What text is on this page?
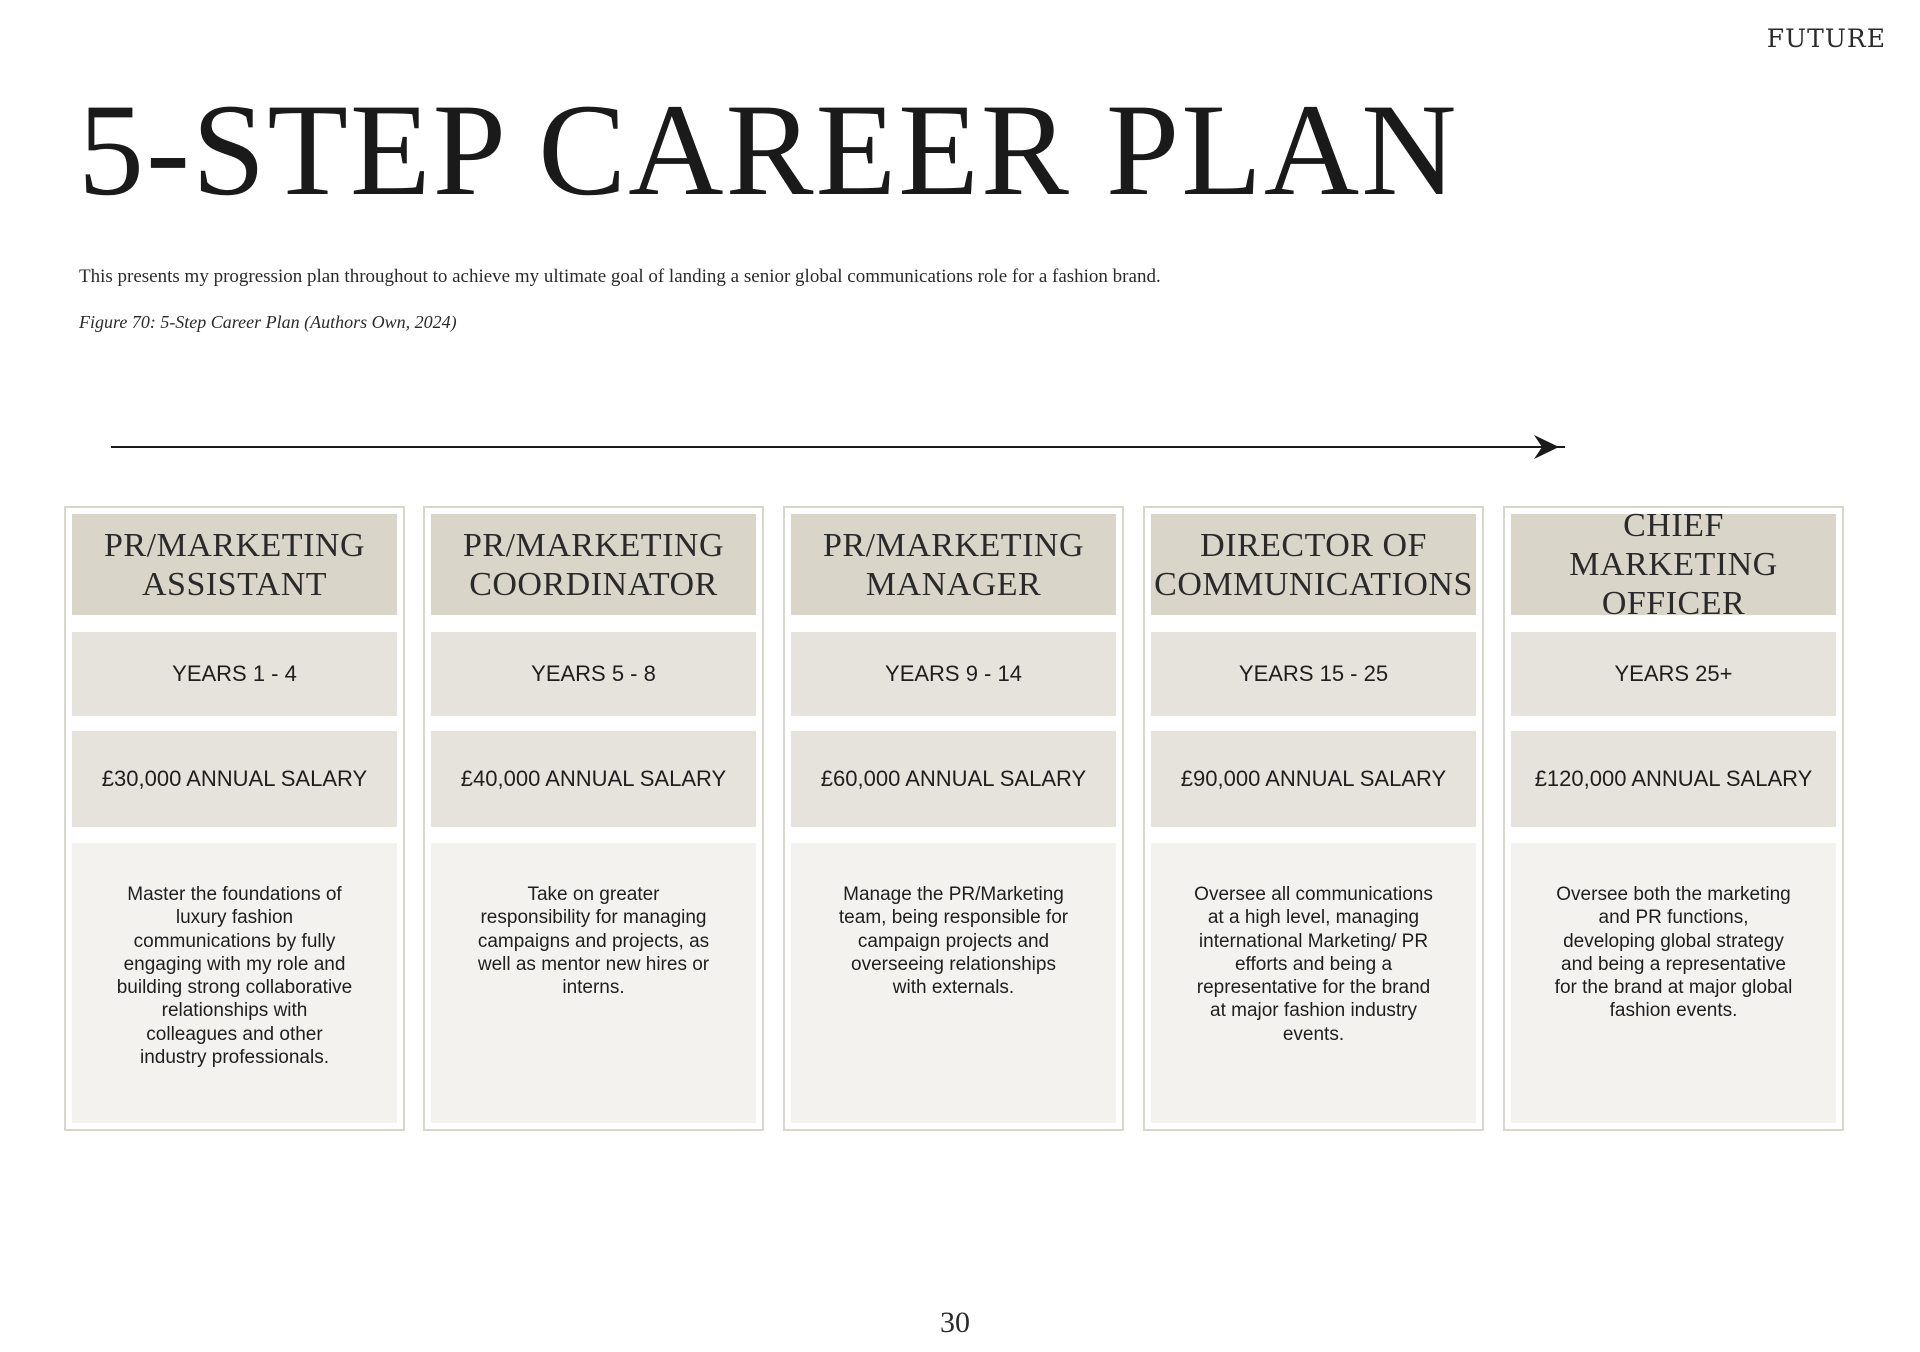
FUTURE
5-STEP CAREER PLAN

This presents my progression plan throughout to achieve my ultimate goal of landing a senior global communications role for a fashion brand.

Figure 70: 5-Step Career Plan (Authors Own, 2024)

PR/MARKETING ASSISTANT
YEARS 1 - 4
£30,000 ANNUAL SALARY
Master the foundations of luxury fashion communications by fully engaging with my role and building strong collaborative relationships with colleagues and other industry professionals.
PR/MARKETING COORDINATOR
YEARS 5 - 8
£40,000 ANNUAL SALARY
Take on greater responsibility for managing campaigns and projects, as well as mentor new hires or interns.
PR/MARKETING MANAGER
YEARS 9 - 14
£60,000 ANNUAL SALARY
Manage the PR/Marketing team, being responsible for campaign projects and overseeing relationships with externals.
DIRECTOR OF COMMUNICATIONS
YEARS 15 - 25
£90,000 ANNUAL SALARY
Oversee all communications at a high level, managing international Marketing/ PR efforts and being a representative for the brand at major fashion industry events.
CHIEF MARKETING OFFICER
YEARS 25+
£120,000 ANNUAL SALARY
Oversee both the marketing and PR functions, developing global strategy and being a representative for the brand at major global fashion events.
30
